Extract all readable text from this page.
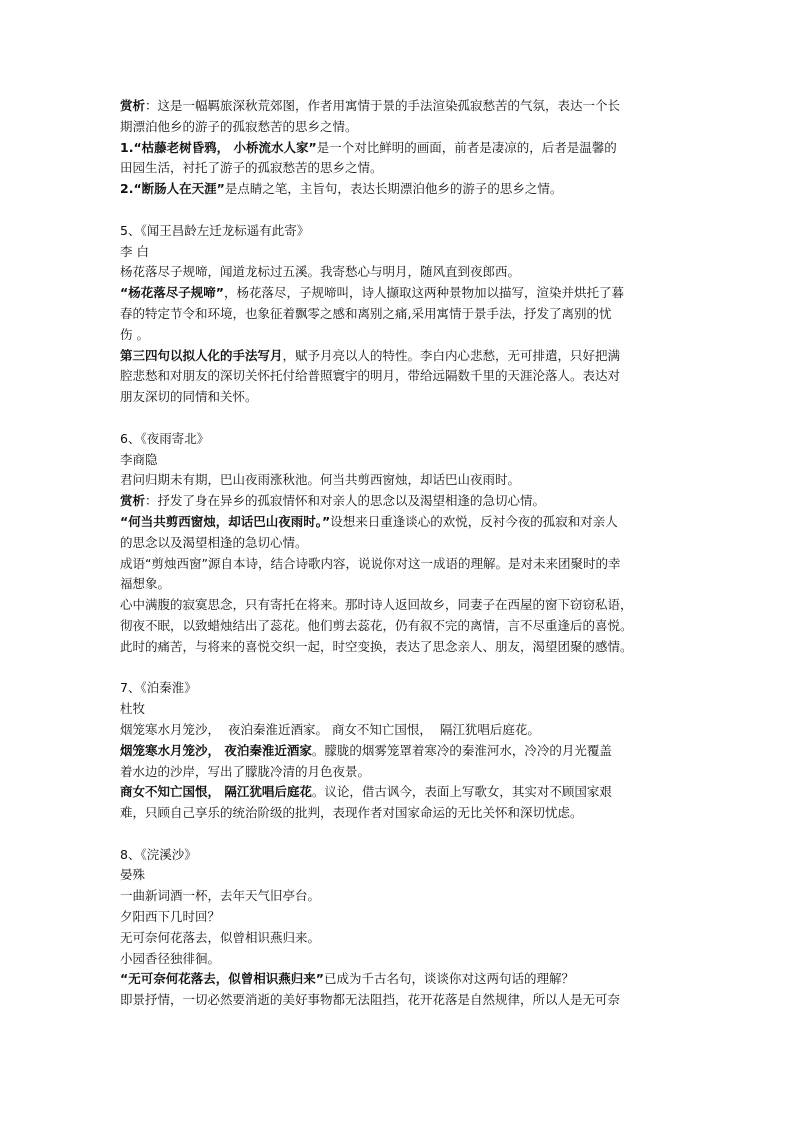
赏析：这是一幅羁旅深秋荒郊图，作者用寓情于景的手法渲染孤寂愁苦的气氛，表达一个长
期漂泊他乡的游子的孤寂愁苦的思乡之情。
1.“枯藤老树昏鸦， 小桥流水人家”是一个对比鲜明的画面，前者是凄凉的，后者是温馨的
田园生活，衬托了游子的孤寂愁苦的思乡之情。
2.“断肠人在天涯”是点睛之笔，主旨句，表达长期漂泊他乡的游子的思乡之情。
5、《闻王昌龄左迁龙标遥有此寄》
李 白
杨花落尽子规啼，闻道龙标过五溪。我寄愁心与明月，随风直到夜郎西。
“杨花落尽子规啼”，杨花落尽，子规啼叫，诗人撷取这两种景物加以描写，渲染并烘托了暮
春的特定节令和环境，也象征着飘零之感和离别之痛,采用寓情于景手法，抒发了离别的忧
伤 。
第三四句以拟人化的手法写月，赋予月亮以人的特性。李白内心悲愁，无可排遣，只好把满
腔悲愁和对朋友的深切关怀托付给普照寰宇的明月，带给远隔数千里的天涯沦落人。表达对
朋友深切的同情和关怀。
6、《夜雨寄北》
李商隐
君问归期未有期，巴山夜雨涨秋池。何当共剪西窗烛，却话巴山夜雨时。
赏析：抒发了身在异乡的孤寂情怀和对亲人的思念以及渴望相逢的急切心情。
“何当共剪西窗烛，却话巴山夜雨时。”设想来日重逢谈心的欢悦，反衬今夜的孤寂和对亲人
的思念以及渴望相逢的急切心情。
成语“剪烛西窗”源自本诗，结合诗歌内容，说说你对这一成语的理解。是对未来团聚时的幸
福想象。
心中满腹的寂寞思念，只有寄托在将来。那时诗人返回故乡，同妻子在西屋的窗下窃窃私语，
彻夜不眠，以致蜡烛结出了蕊花。他们剪去蕊花，仍有叙不完的离情，言不尽重逢后的喜悦。
此时的痛苦，与将来的喜悦交织一起，时空变换，表达了思念亲人、朋友，渴望团聚的感情。
7、《泊秦淮》
杜牧
烟笼寒水月笼沙，  夜泊秦淮近酒家。 商女不知亡国恨，  隔江犹唱后庭花。
烟笼寒水月笼沙， 夜泊秦淮近酒家。朦胧的烟雾笼罩着寒冷的秦淮河水，冷冷的月光覆盖
着水边的沙岸，写出了朦胧冷清的月色夜景。
商女不知亡国恨， 隔江犹唱后庭花。议论，借古讽今，表面上写歌女，其实对不顾国家艰
难，只顾自己享乐的统治阶级的批判，表现作者对国家命运的无比关怀和深切忧虑。
8、《浣溪沙》
晏殊
一曲新词酒一杯，去年天气旧亭台。
夕阳西下几时回？
无可奈何花落去，似曾相识燕归来。
小园香径独徘徊。
“无可奈何花落去，似曾相识燕归来”已成为千古名句，谈谈你对这两句话的理解？
即景抒情，一切必然要消逝的美好事物都无法阻挡，花开花落是自然规律，所以人是无可奈
